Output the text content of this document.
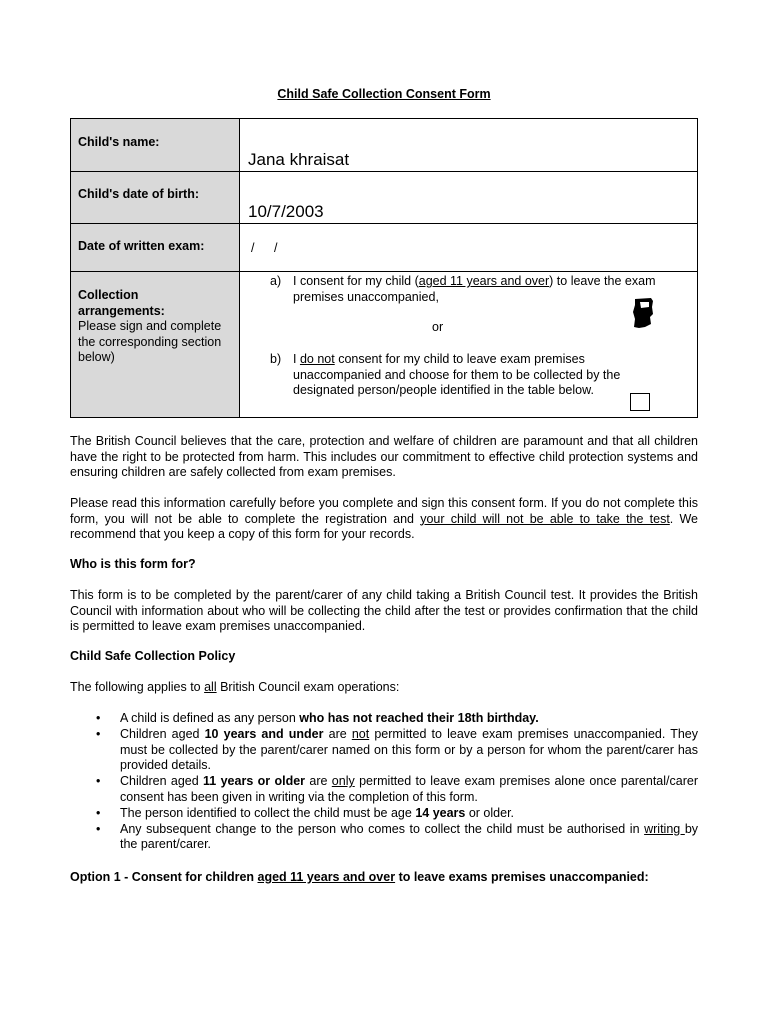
Child Safe Collection Consent Form
Child's name:
Jana khraisat
Child's date of birth:
10/7/2003
Date of written exam:	/ /
Collection arrangements:
Please sign and complete the corresponding section below)
a) I consent for my child (aged 11 years and over) to leave the exam premises unaccompanied,
or
b) I do not consent for my child to leave exam premises unaccompanied and choose for them to be collected by the designated person/people identified in the table below.

The British Council believes that the care, protection and welfare of children are paramount and that all children have the right to be protected from harm. This includes our commitment to effective child protection systems and ensuring children are safely collected from exam premises.

Please read this information carefully before you complete and sign this consent form. If you do not complete this form, you will not be able to complete the registration and your child will not be able to take the test. We recommend that you keep a copy of this form for your records.

Who is this form for?

This form is to be completed by the parent/carer of any child taking a British Council test. It provides the British Council with information about who will be collecting the child after the test or provides confirmation that the child is permitted to leave exam premises unaccompanied.

Child Safe Collection Policy

The following applies to all British Council exam operations:

• A child is defined as any person who has not reached their 18th birthday.
• Children aged 10 years and under are not permitted to leave exam premises unaccompanied. They must be collected by the parent/carer named on this form or by a person for whom the parent/carer has provided details.
• Children aged 11 years or older are only permitted to leave exam premises alone once parental/carer consent has been given in writing via the completion of this form.
• The person identified to collect the child must be age 14 years or older.
• Any subsequent change to the person who comes to collect the child must be authorised in writing by the parent/carer.

Option 1 - Consent for children aged 11 years and over to leave exams premises unaccompanied:
